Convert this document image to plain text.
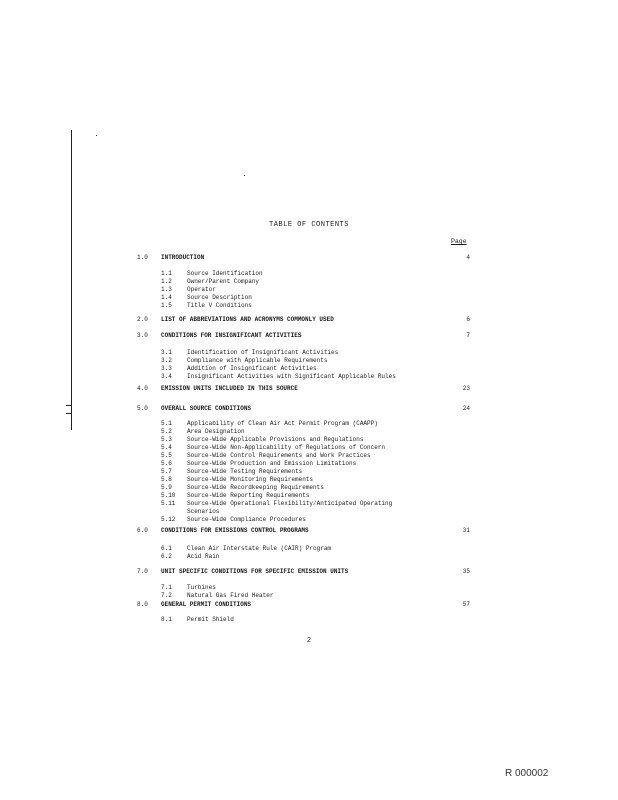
TABLE OF CONTENTS
Page
1.0 INTRODUCTION	4
1.1	Source Identification
1.2	Owner/Parent Company
1.3	Operator
1.4	Source Description
1.5	Title V Conditions
2.0 LIST OF ABBREVIATIONS AND ACRONYMS COMMONLY USED	6
3.0 CONDITIONS FOR INSIGNIFICANT ACTIVITIES	7
3.1	Identification of Insignificant Activities
3.2	Compliance with Applicable Requirements
3.3	Addition of Insignificant Activities
3.4	Insignificant Activities with Significant Applicable Rules
4.0 EMISSION UNITS INCLUDED IN THIS SOURCE	23
5.0 OVERALL SOURCE CONDITIONS	24
5.1	Applicability of Clean Air Act Permit Program (CAAPP)
5.2	Area Designation
5.3	Source-Wide Applicable Provisions and Regulations
5.4	Source-Wide Non-Applicability of Regulations of Concern
5.5	Source-Wide Control Requirements and Work Practices
5.6	Source-Wide Production and Emission Limitations
5.7	Source-Wide Testing Requirements
5.8	Source-Wide Monitoring Requirements
5.9	Source-Wide Recordkeeping Requirements
5.10 Source-Wide Reporting Requirements
5.11 Source-Wide Operational Flexibility/Anticipated Operating
Scenarios
5.12 Source-Wide Compliance Procedures
6.0 CONDITIONS FOR EMISSIONS CONTROL PROGRAMS	31
6.1	Clean Air Interstate Rule (CAIR) Program
6.2	Acid Rain
7.0 UNIT SPECIFIC CONDITIONS FOR SPECIFIC EMISSION UNITS	35
7.1	Turbines
7.2	Natural Gas Fired Heater
8.0 GENERAL PERMIT CONDITIONS	57
8.1	Permit Shield
2
R 000002
